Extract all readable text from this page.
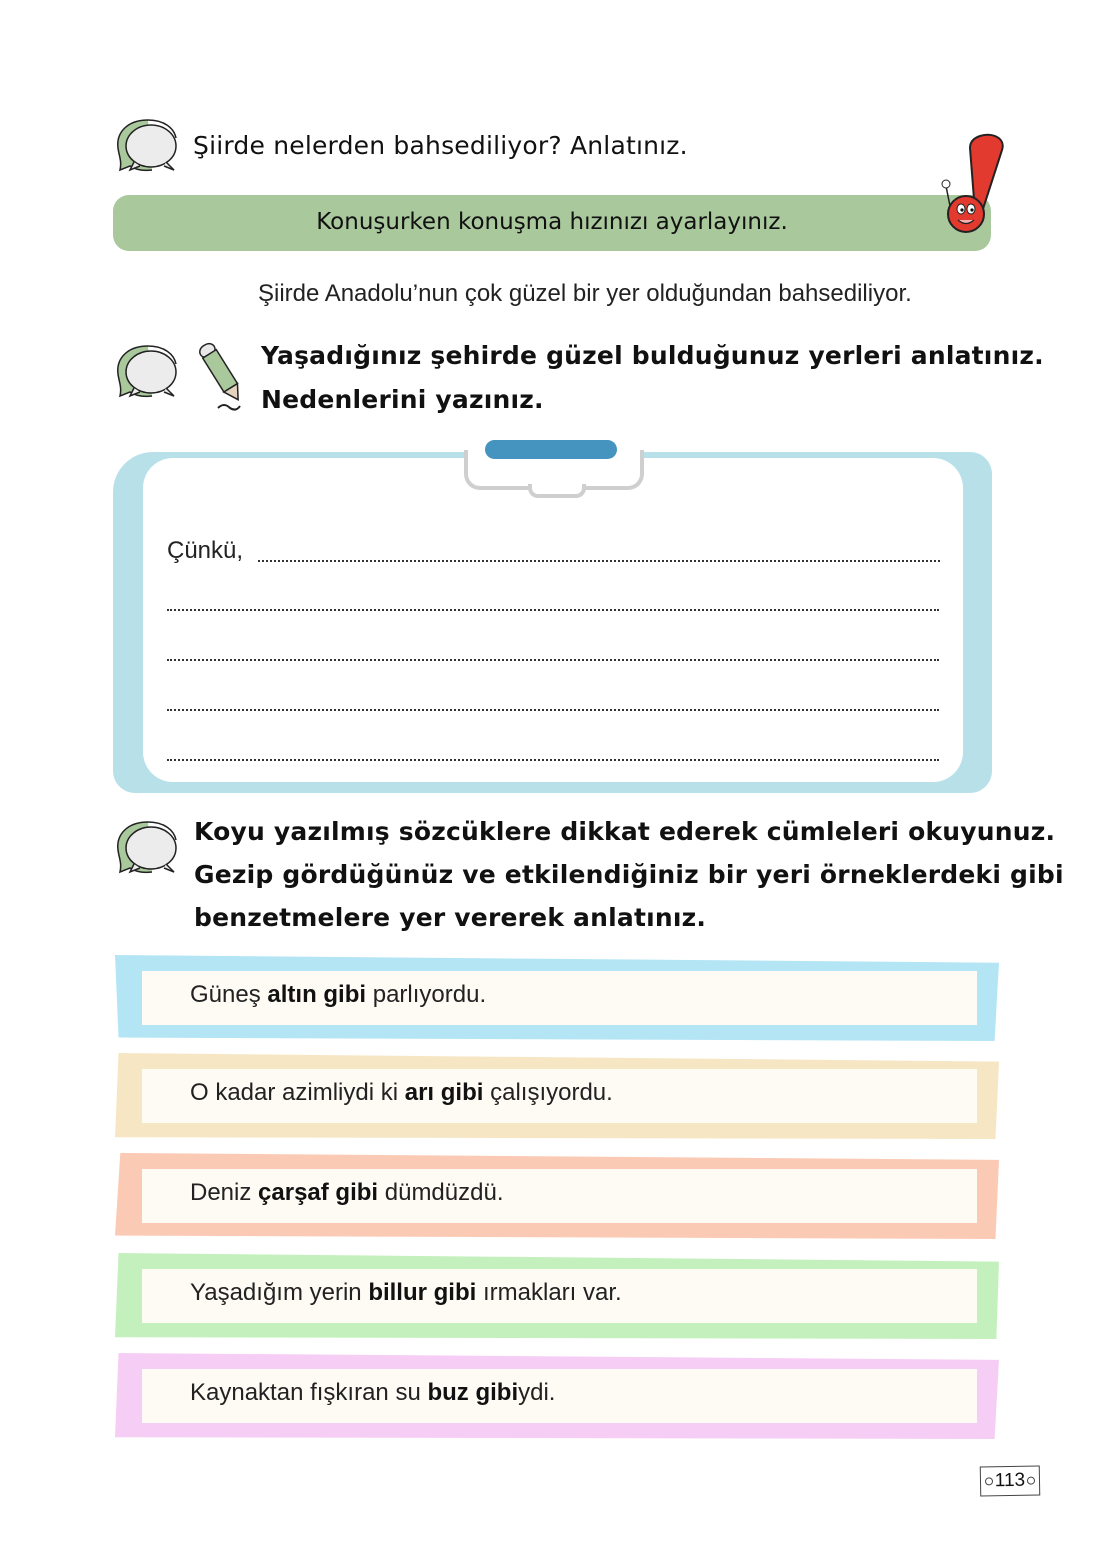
Şiirde nelerden bahsediliyor? Anlatınız.
Konuşurken konuşma hızınızı ayarlayınız.
Şiirde Anadolu’nun çok güzel bir yer olduğundan bahsediliyor.
Yaşadığınız şehirde güzel bulduğunuz yerleri anlatınız.
Nedenlerini yazınız.
Çünkü,
Koyu yazılmış sözcüklere dikkat ederek cümleleri okuyunuz.
Gezip gördüğünüz ve etkilendiğiniz bir yeri örneklerdeki gibi
benzetmelere yer vererek anlatınız.
Güneş altın gibi parlıyordu.
O kadar azimliydi ki arı gibi çalışıyordu.
Deniz çarşaf gibi dümdüzdü.
Yaşadığım yerin billur gibi ırmakları var.
Kaynaktan fışkıran su buz gibiydi.
113
